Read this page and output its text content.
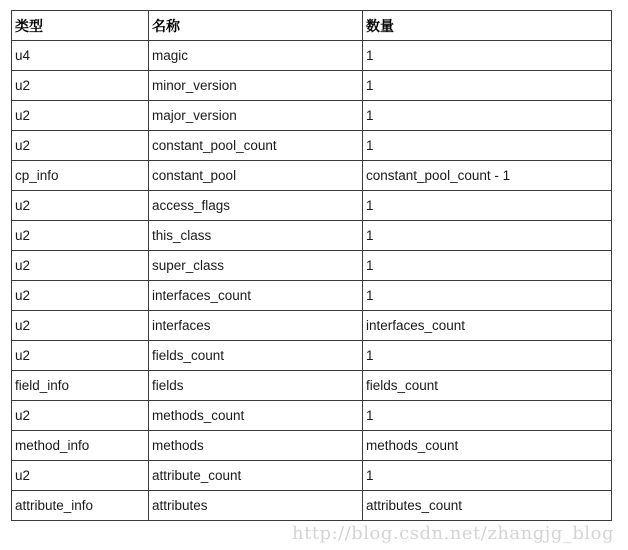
类型	名称	数量
u4	magic	1
u2	minor_version	1
u2	major_version	1
u2	constant_pool_count	1
cp_info	constant_pool	constant_pool_count - 1
u2	access_flags	1
u2	this_class	1
u2	super_class	1
u2	interfaces_count	1
u2	interfaces	interfaces_count
u2	fields_count	1
field_info	fields	fields_count
u2	methods_count	1
method_info	methods	methods_count
u2	attribute_count	1
attribute_info	attributes	attributes_count
http://blog.csdn.net/zhangjg_blog
